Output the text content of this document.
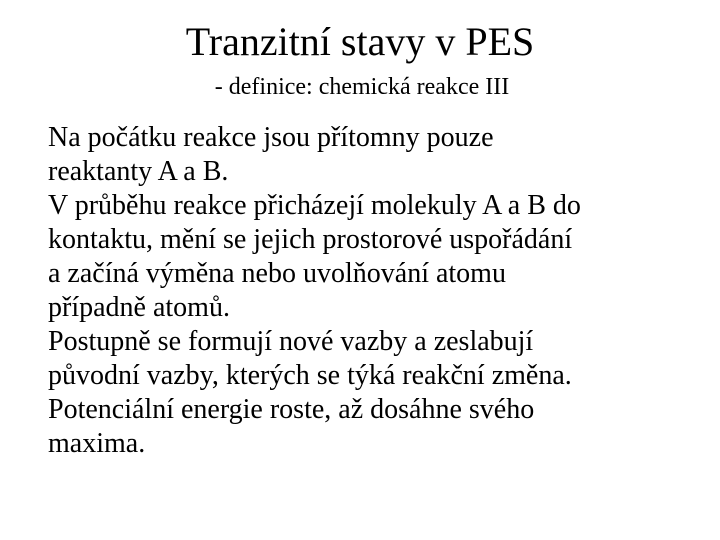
Tranzitní stavy v PES
- definice: chemická reakce III
Na počátku reakce jsou přítomny pouze
reaktanty A a B.
V průběhu reakce přicházejí molekuly A a B do
kontaktu, mění se jejich prostorové uspořádání
a začíná výměna nebo uvolňování atomu
případně atomů.
Postupně se formují nové vazby a zeslabují
původní vazby, kterých se týká reakční změna.
Potenciální energie roste, až dosáhne svého
maxima.
